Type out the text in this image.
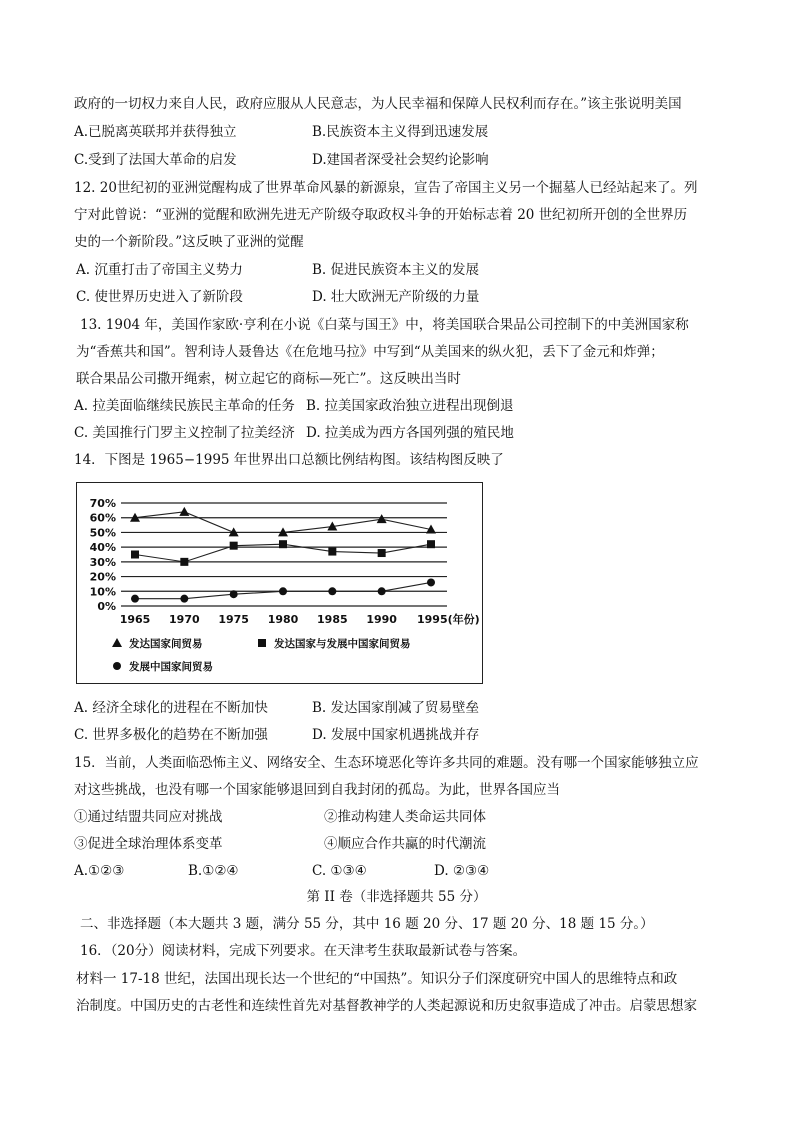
政府的一切权力来自人民，政府应服从人民意志，为人民幸福和保障人民权利而存在。”该主张说明美国
A.已脱离英联邦并获得独立	B.民族资本主义得到迅速发展
C.受到了法国大革命的启发	D.建国者深受社会契约论影响
12. 20世纪初的亚洲觉醒构成了世界革命风暴的新源泉，宣告了帝国主义另一个掘墓人已经站起来了。列
宁对此曾说：“亚洲的觉醒和欧洲先进无产阶级夺取政权斗争的开始标志着 20 世纪初所开创的全世界历
史的一个新阶段。”这反映了亚洲的觉醒
A. 沉重打击了帝国主义势力	B. 促进民族资本主义的发展
C. 使世界历史进入了新阶段	D. 壮大欧洲无产阶级的力量
13. 1904 年，美国作家欧·亨利在小说《白菜与国王》中，将美国联合果品公司控制下的中美洲国家称
为“香蕉共和国”。智利诗人聂鲁达《在危地马拉》中写到“从美国来的纵火犯，丢下了金元和炸弹；
联合果品公司撒开绳索，树立起它的商标—死亡”。这反映出当时
A. 拉美面临继续民族民主革命的任务 B. 拉美国家政治独立进程出现倒退
C. 美国推行门罗主义控制了拉美经济 D. 拉美成为西方各国列强的殖民地
14．下图是 1965−1995 年世界出口总额比例结构图。该结构图反映了
70%
60%
50%
40%
30%
20%
10%
0%
1965 1970 1975 1980 1985 1990 1995(年份)
发达国家间贸易	发达国家与发展中国家间贸易
发展中国家间贸易
A. 经济全球化的进程在不断加快	B. 发达国家削减了贸易壁垒
C. 世界多极化的趋势在不断加强	D. 发展中国家机遇挑战并存
15．当前，人类面临恐怖主义、网络安全、生态环境恶化等许多共同的难题。没有哪一个国家能够独立应
对这些挑战，也没有哪一个国家能够退回到自我封闭的孤岛。为此，世界各国应当
①通过结盟共同应对挑战	②推动构建人类命运共同体
③促进全球治理体系变革	④顺应合作共赢的时代潮流
A.①②③	B.①②④	C. ①③④	D. ②③④
第 II 卷（非选择题共 55 分）
二、非选择题（本大题共 3 题，满分 55 分，其中 16 题 20 分、17 题 20 分、18 题 15 分。）
16．（20分）阅读材料，完成下列要求。在天津考生获取最新试卷与答案。
材料一 17-18 世纪，法国出现长达一个世纪的“中国热”。知识分子们深度研究中国人的思维特点和政
治制度。中国历史的古老性和连续性首先对基督教神学的人类起源说和历史叙事造成了冲击。启蒙思想家
